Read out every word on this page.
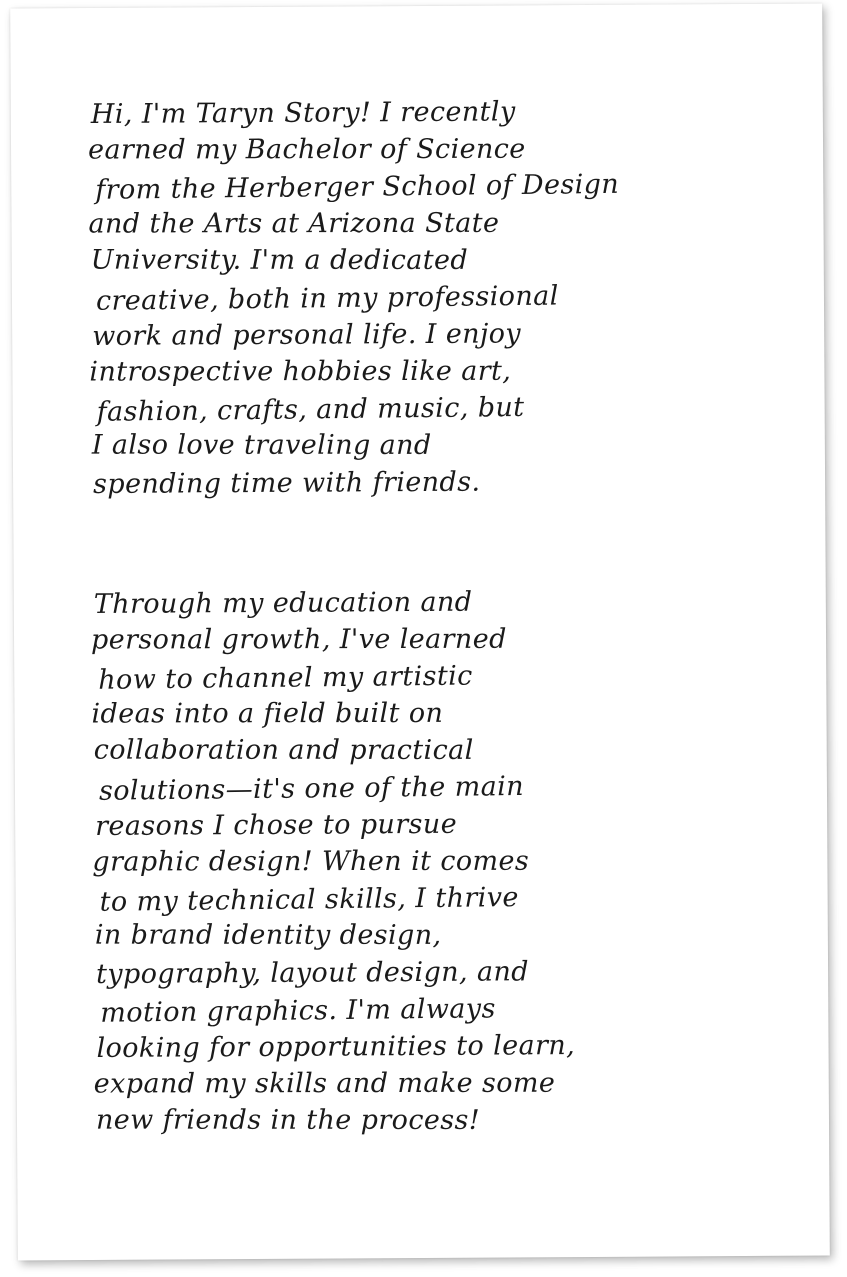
Hi, I'm Taryn Story! I recently
earned my Bachelor of Science
from the Herberger School of Design
and the Arts at Arizona State
University. I'm a dedicated
creative, both in my professional
work and personal life. I enjoy
introspective hobbies like art,
fashion, crafts, and music, but
I also love traveling and
spending time with friends.
Through my education and
personal growth, I've learned
how to channel my artistic
ideas into a field built on
collaboration and practical
solutions—it's one of the main
reasons I chose to pursue
graphic design! When it comes
to my technical skills, I thrive
in brand identity design,
typography, layout design, and
motion graphics. I'm always
looking for opportunities to learn,
expand my skills and make some
new friends in the process!
